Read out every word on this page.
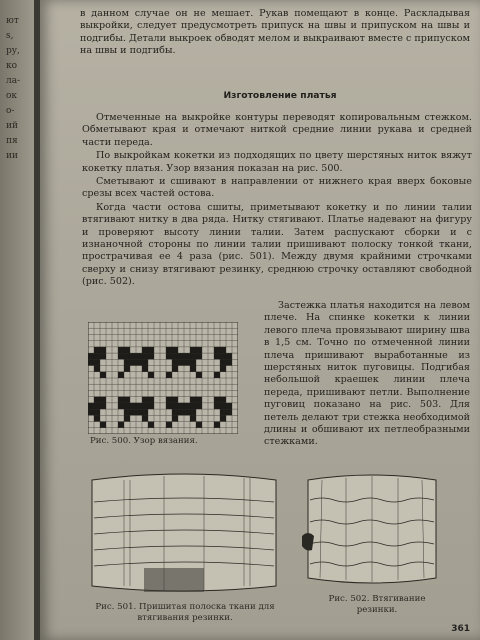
ют
s,
ру,
ко
ла-
ок
о-
ий
пя
ии
в данном случае он не мешает. Рукав помещают в конце. Раскладывая выкройки, следует предусмотреть припуск на швы и припуском на швы и подгибы. Детали выкроек обводят мелом и выкраивают вместе с припуском на швы и подгибы.
Изготовление платья

Отмеченные на выкройке контуры переводят копировальным стежком. Обметывают края и отмечают ниткой средние линии рукава и средней части переда.

По выкройкам кокетки из подходящих по цвету шерстяных ниток вяжут кокетку платья. Узор вязания показан на рис. 500.

Сметывают и сшивают в направлении от нижнего края вверх боковые срезы всех частей остова.

Когда части остова сшиты, приметывают кокетку и по линии талии втягивают нитку в два ряда. Нитку стягивают. Платье надевают на фигуру и проверяют высоту линии талии. Затем распускают сборки и с изнаночной стороны по линии талии пришивают полоску тонкой ткани, прострачивая ее 4 раза (рис. 501). Между двумя крайними строчками сверху и снизу втягивают резинку, среднюю строчку оставляют свободной (рис. 502).

Рис. 500. Узор вязания.
Застежка платья находится на левом плече. На спинке кокетки к линии левого плеча провязывают ширину шва в 1,5 см. Точно по отмеченной линии плеча пришивают выработанные из шерстяных ниток пуговицы. Подгибая небольшой краешек линии плеча переда, пришивают петли. Выполнение пуговиц показано на рис. 503. Для петель делают три стежка необходимой длины и обшивают их петлеобразными стежками.
Рис. 501. Пришитая полоска ткани для втягивания резинки.
Рис. 502. Втягивание резинки.
361
